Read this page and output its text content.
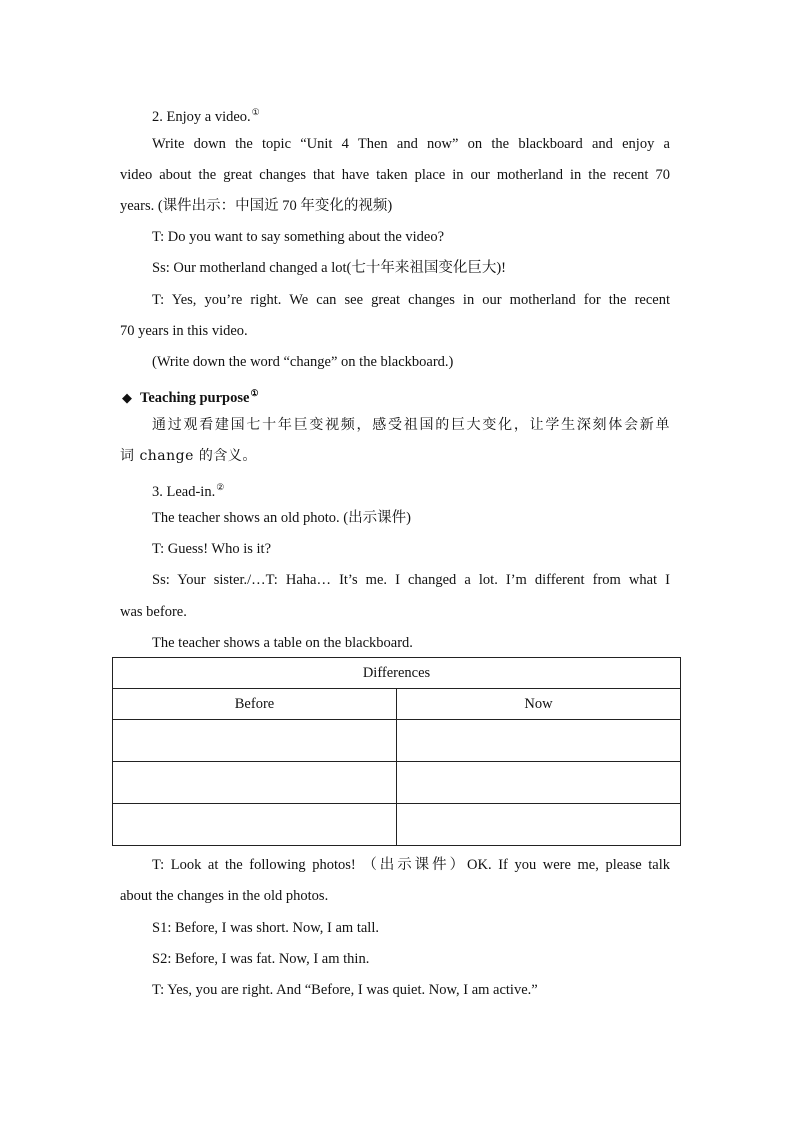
2. Enjoy a video.①
Write down the topic “Unit 4 Then and now” on the blackboard and enjoy a
video about the great changes that have taken place in our motherland in the recent 70
years. (课件出示：中国近 70 年变化的视频)
T: Do you want to say something about the video?
Ss: Our motherland changed a lot(七十年来祖国变化巨大)!
T: Yes, you’re right. We can see great changes in our motherland for the recent
70 years in this video.
(Write down the word “change” on the blackboard.)
◆ Teaching purpose①
通过观看建国七十年巨变视频，感受祖国的巨大变化，让学生深刻体会新单
词 change 的含义。
3. Lead-in.②
The teacher shows an old photo. (出示课件)
T: Guess! Who is it?
Ss: Your sister./…T: Haha… It’s me. I changed a lot. I’m different from what I
was before.
The teacher shows a table on the blackboard.
Differences	
Before	Now

T: Look at the following photos! （出示课件）OK. If you were me, please talk
about the changes in the old photos.
S1: Before, I was short. Now, I am tall.
S2: Before, I was fat. Now, I am thin.
T: Yes, you are right. And “Before, I was quiet. Now, I am active.”
